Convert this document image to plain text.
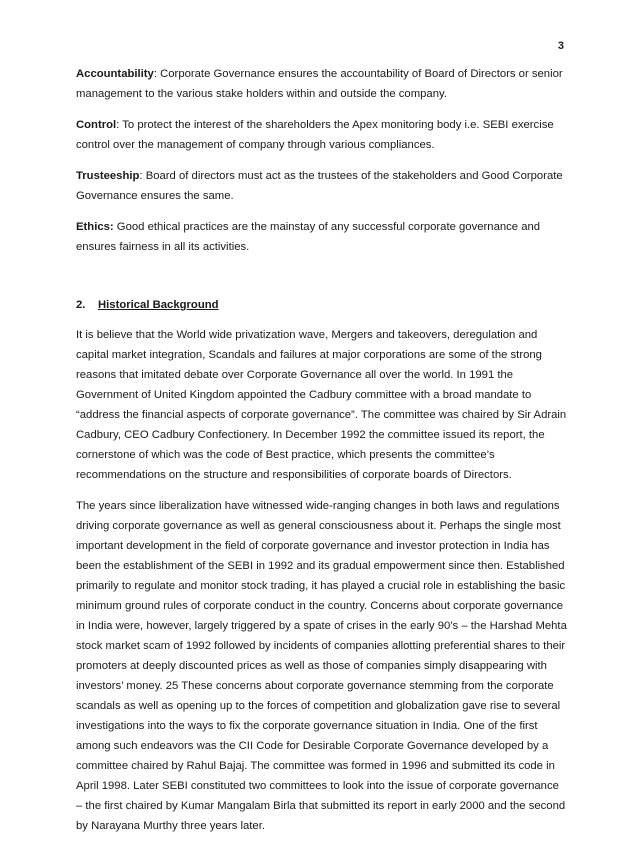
3

Accountability: Corporate Governance ensures the accountability of Board of Directors or senior management to the various stake holders within and outside the company.

Control: To protect the interest of the shareholders the Apex monitoring body i.e. SEBI exercise control over the management of company through various compliances.

Trusteeship: Board of directors must act as the trustees of the stakeholders and Good Corporate Governance ensures the same.

Ethics: Good ethical practices are the mainstay of any successful corporate governance and ensures fairness in all its activities.

2. Historical Background

It is believe that the World wide privatization wave, Mergers and takeovers, deregulation and capital market integration, Scandals and failures at major corporations are some of the strong reasons that imitated debate over Corporate Governance all over the world. In 1991 the Government of United Kingdom appointed the Cadbury committee with a broad mandate to “address the financial aspects of corporate governance”. The committee was chaired by Sir Adrain Cadbury, CEO Cadbury Confectionery. In December 1992 the committee issued its report, the cornerstone of which was the code of Best practice, which presents the committee’s recommendations on the structure and responsibilities of corporate boards of Directors.

The years since liberalization have witnessed wide-ranging changes in both laws and regulations driving corporate governance as well as general consciousness about it. Perhaps the single most important development in the field of corporate governance and investor protection in India has been the establishment of the SEBI in 1992 and its gradual empowerment since then. Established primarily to regulate and monitor stock trading, it has played a crucial role in establishing the basic minimum ground rules of corporate conduct in the country. Concerns about corporate governance in India were, however, largely triggered by a spate of crises in the early 90’s – the Harshad Mehta stock market scam of 1992 followed by incidents of companies allotting preferential shares to their promoters at deeply discounted prices as well as those of companies simply disappearing with investors’ money. 25 These concerns about corporate governance stemming from the corporate scandals as well as opening up to the forces of competition and globalization gave rise to several investigations into the ways to fix the corporate governance situation in India. One of the first among such endeavors was the CII Code for Desirable Corporate Governance developed by a committee chaired by Rahul Bajaj. The committee was formed in 1996 and submitted its code in April 1998. Later SEBI constituted two committees to look into the issue of corporate governance – the first chaired by Kumar Mangalam Birla that submitted its report in early 2000 and the second by Narayana Murthy three years later.
